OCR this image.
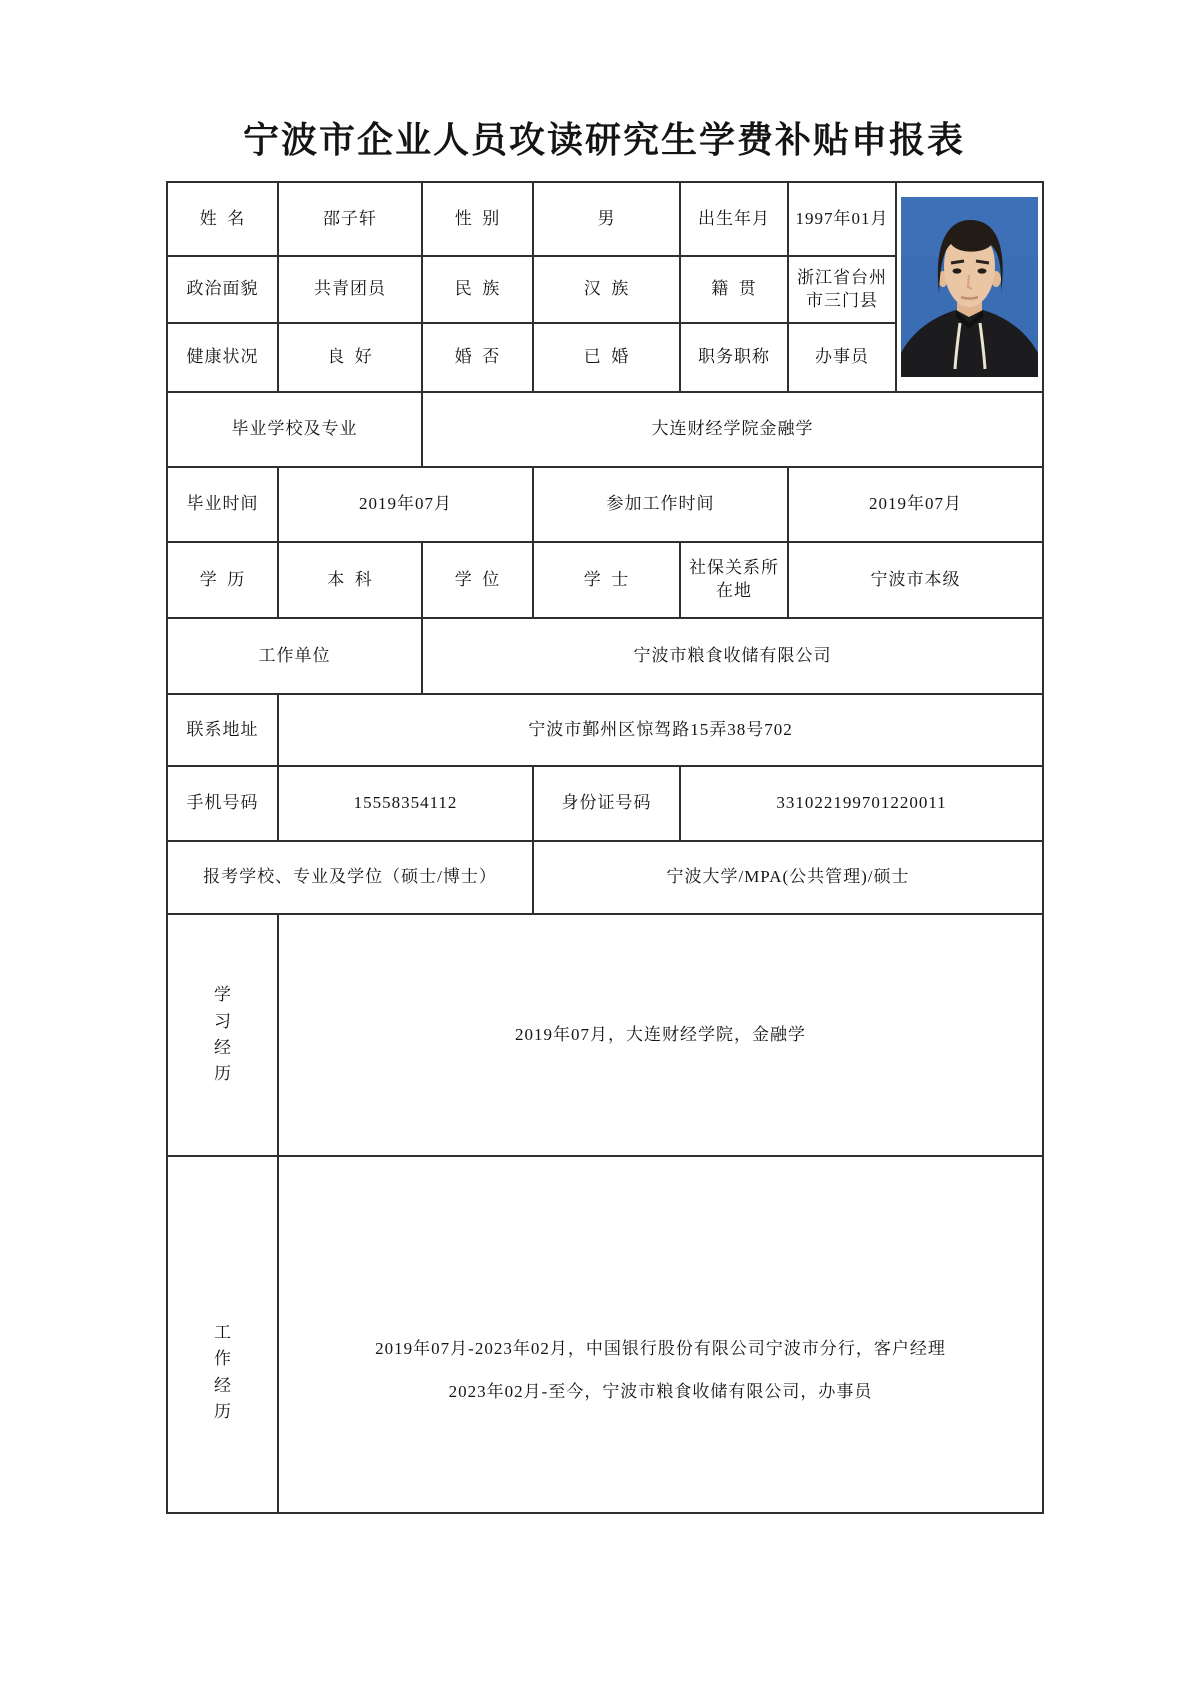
宁波市企业人员攻读研究生学费补贴申报表
姓 名	邵子轩	性 别	男	出生年月	1997年01月	

政治面貌	共青团员	民 族	汉 族	籍 贯	浙江省台州市三门县	
健康状况	良 好	婚 否	已 婚	职务职称	办事员	
毕业学校及专业		大连财经学院金融学				
毕业时间	2019年07月		参加工作时间		2019年07月	
学 历	本 科	学 位	学 士	社保关系所在地	宁波市本级	
工作单位		宁波市粮食收储有限公司				
联系地址	宁波市鄞州区惊驾路15弄38号702					
手机号码	15558354112		身份证号码	331022199701220011		
报考学校、专业及学位（硕士/博士）			宁波大学/MPA(公共管理)/硕士			

学习经历	2019年07月，大连财经学院，金融学					

工作经历	2019年07月-2023年02月，中国银行股份有限公司宁波市分行，客户经理

2023年02月-至今，宁波市粮食收储有限公司，办事员					
